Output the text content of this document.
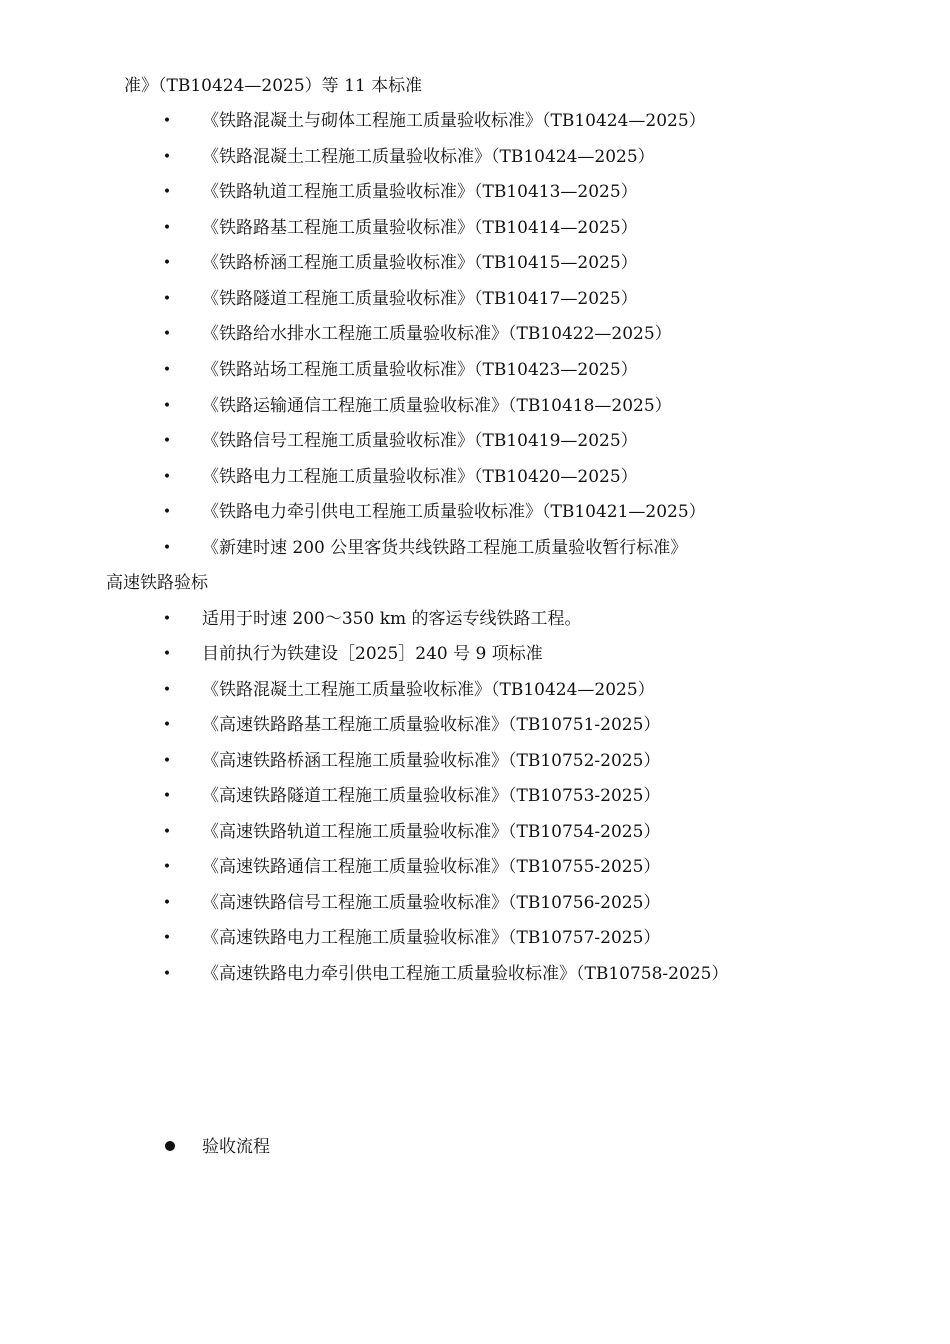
准》（TB10424—2025）等 11 本标准
• 《铁路混凝土与砌体工程施工质量验收标准》（TB10424—2025）
• 《铁路混凝土工程施工质量验收标准》（TB10424—2025）
• 《铁路轨道工程施工质量验收标准》（TB10413—2025）
• 《铁路路基工程施工质量验收标准》（TB10414—2025）
• 《铁路桥涵工程施工质量验收标准》（TB10415—2025）
• 《铁路隧道工程施工质量验收标准》（TB10417—2025）
• 《铁路给水排水工程施工质量验收标准》（TB10422—2025）
• 《铁路站场工程施工质量验收标准》（TB10423—2025）
• 《铁路运输通信工程施工质量验收标准》（TB10418—2025）
• 《铁路信号工程施工质量验收标准》（TB10419—2025）
• 《铁路电力工程施工质量验收标准》（TB10420—2025）
• 《铁路电力牵引供电工程施工质量验收标准》（TB10421—2025）
• 《新建时速 200 公里客货共线铁路工程施工质量验收暂行标准》
高速铁路验标
• 适用于时速 200～350 km 的客运专线铁路工程。
• 目前执行为铁建设［2025］240 号 9 项标准
• 《铁路混凝土工程施工质量验收标准》（TB10424—2025）
• 《高速铁路路基工程施工质量验收标准》（TB10751-2025）
• 《高速铁路桥涵工程施工质量验收标准》（TB10752-2025）
• 《高速铁路隧道工程施工质量验收标准》（TB10753-2025）
• 《高速铁路轨道工程施工质量验收标准》（TB10754-2025）
• 《高速铁路通信工程施工质量验收标准》（TB10755-2025）
• 《高速铁路信号工程施工质量验收标准》（TB10756-2025）
• 《高速铁路电力工程施工质量验收标准》（TB10757-2025）
• 《高速铁路电力牵引供电工程施工质量验收标准》（TB10758-2025）
验收流程
